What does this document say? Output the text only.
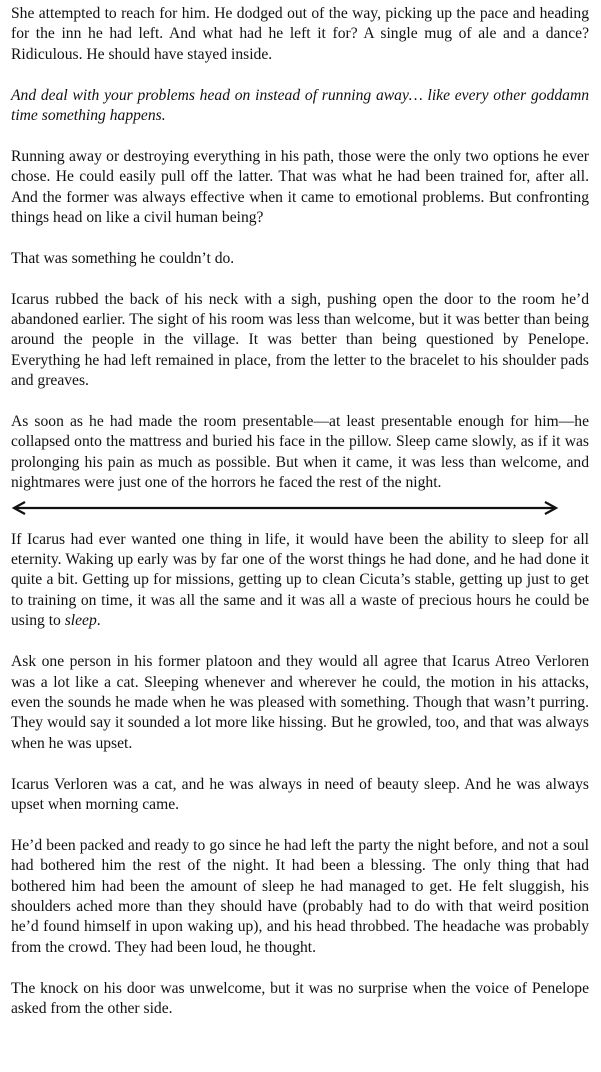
She attempted to reach for him. He dodged out of the way, picking up the pace and heading for the inn he had left. And what had he left it for? A single mug of ale and a dance? Ridiculous. He should have stayed inside.

And deal with your problems head on instead of running away… like every other goddamn time something happens.

Running away or destroying everything in his path, those were the only two options he ever chose. He could easily pull off the latter. That was what he had been trained for, after all. And the former was always effective when it came to emotional problems. But confronting things head on like a civil human being?

That was something he couldn’t do.

Icarus rubbed the back of his neck with a sigh, pushing open the door to the room he’d abandoned earlier. The sight of his room was less than welcome, but it was better than being around the people in the village. It was better than being questioned by Penelope. Everything he had left remained in place, from the letter to the bracelet to his shoulder pads and greaves.

As soon as he had made the room presentable—at least presentable enough for him—he collapsed onto the mattress and buried his face in the pillow. Sleep came slowly, as if it was prolonging his pain as much as possible. But when it came, it was less than welcome, and nightmares were just one of the horrors he faced the rest of the night.

If Icarus had ever wanted one thing in life, it would have been the ability to sleep for all eternity. Waking up early was by far one of the worst things he had done, and he had done it quite a bit. Getting up for missions, getting up to clean Cicuta’s stable, getting up just to get to training on time, it was all the same and it was all a waste of precious hours he could be using to sleep.

Ask one person in his former platoon and they would all agree that Icarus Atreo Verloren was a lot like a cat. Sleeping whenever and wherever he could, the motion in his attacks, even the sounds he made when he was pleased with something. Though that wasn’t purring. They would say it sounded a lot more like hissing. But he growled, too, and that was always when he was upset.

Icarus Verloren was a cat, and he was always in need of beauty sleep. And he was always upset when morning came.

He’d been packed and ready to go since he had left the party the night before, and not a soul had bothered him the rest of the night. It had been a blessing. The only thing that had bothered him had been the amount of sleep he had managed to get. He felt sluggish, his shoulders ached more than they should have (probably had to do with that weird position he’d found himself in upon waking up), and his head throbbed. The headache was probably from the crowd. They had been loud, he thought.

The knock on his door was unwelcome, but it was no surprise when the voice of Penelope asked from the other side.
